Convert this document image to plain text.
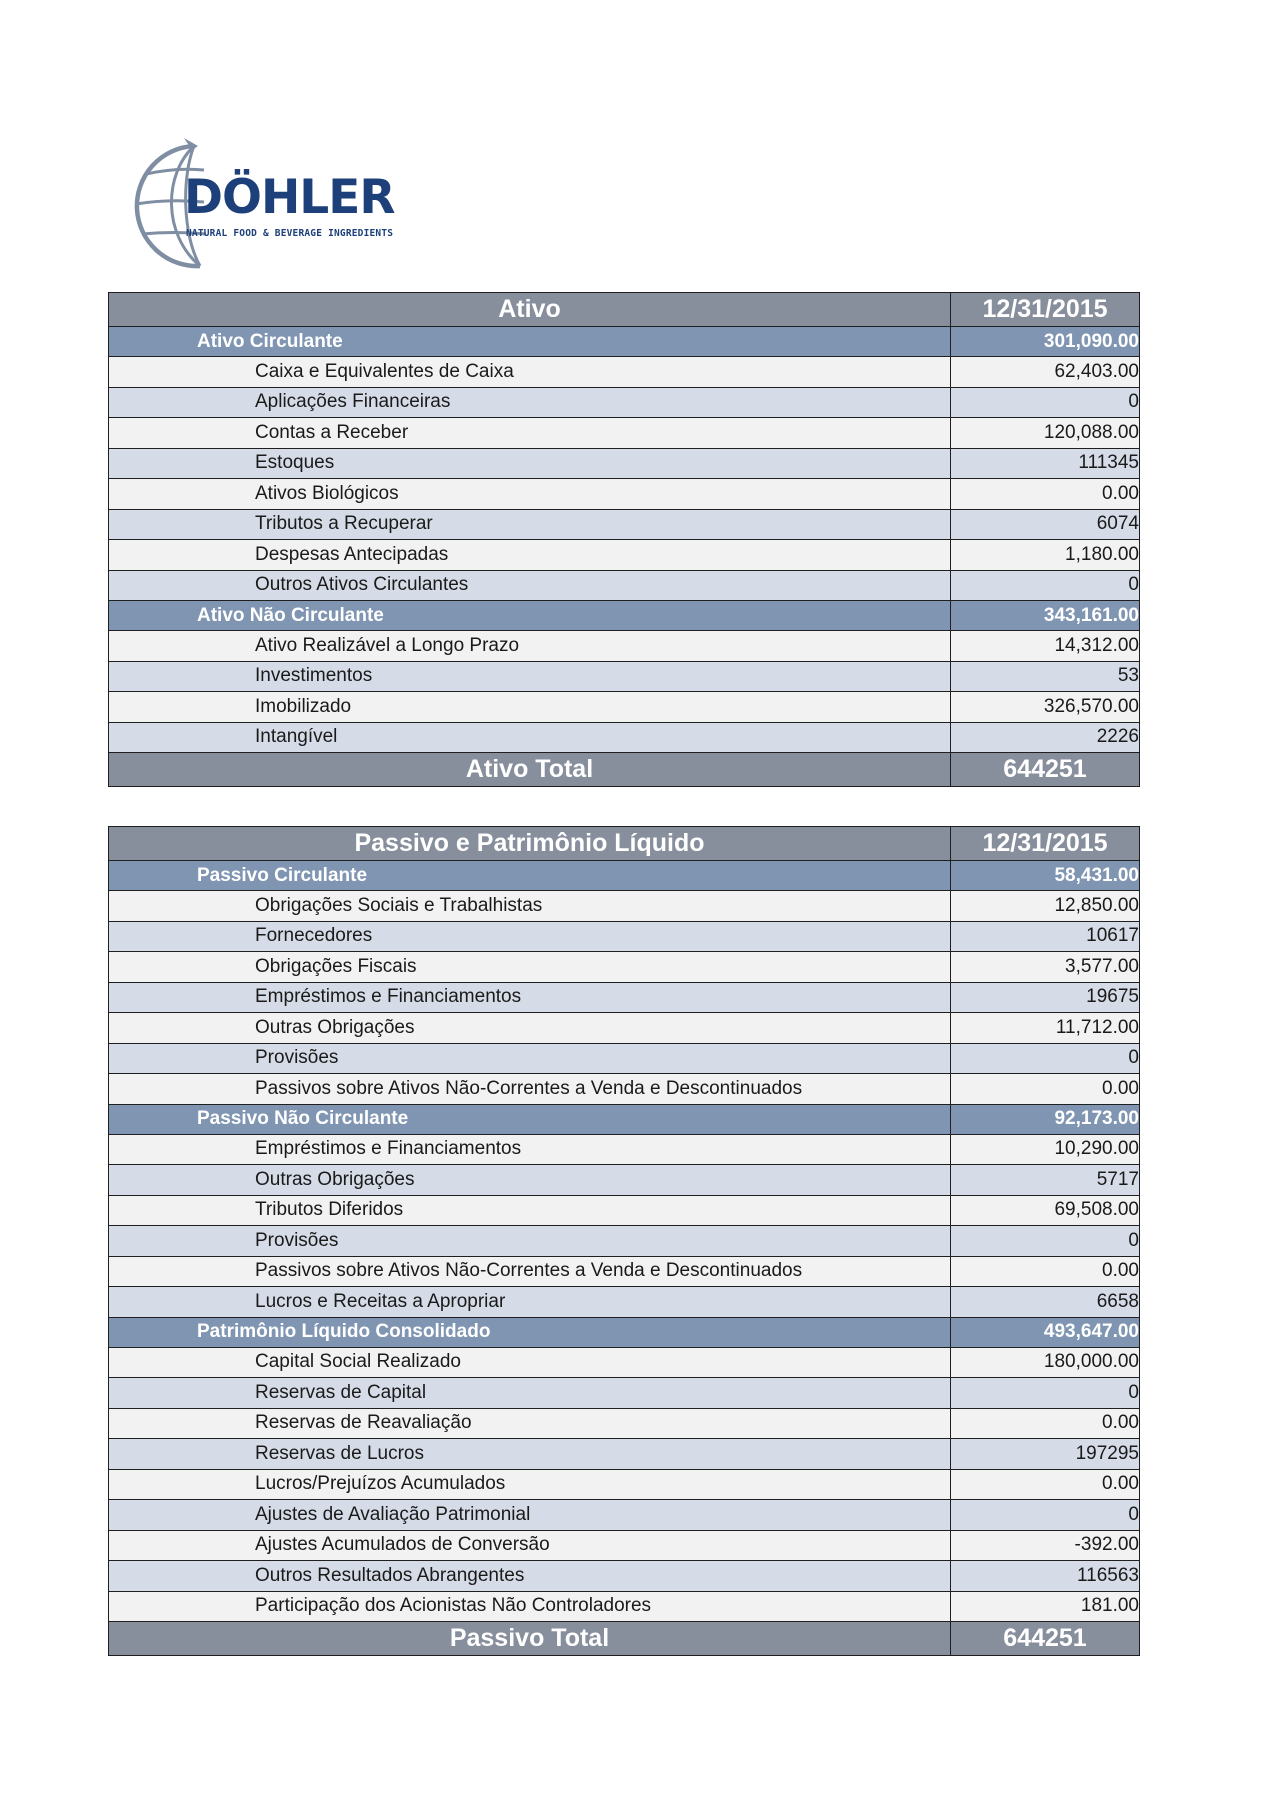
DÖHLER
NATURAL FOOD & BEVERAGE INGREDIENTS
Ativo	12/31/2015
Ativo Circulante	301,090.00
Caixa e Equivalentes de Caixa	62,403.00
Aplicações Financeiras	0
Contas a Receber	120,088.00
Estoques	111345
Ativos Biológicos	0.00
Tributos a Recuperar	6074
Despesas Antecipadas	1,180.00
Outros Ativos Circulantes	0
Ativo Não Circulante	343,161.00
Ativo Realizável a Longo Prazo	14,312.00
Investimentos	53
Imobilizado	326,570.00
Intangível	2226
Ativo Total	644251
Passivo e Patrimônio Líquido	12/31/2015
Passivo Circulante	58,431.00
Obrigações Sociais e Trabalhistas	12,850.00
Fornecedores	10617
Obrigações Fiscais	3,577.00
Empréstimos e Financiamentos	19675
Outras Obrigações	11,712.00
Provisões	0
Passivos sobre Ativos Não-Correntes a Venda e Descontinuados	0.00
Passivo Não Circulante	92,173.00
Empréstimos e Financiamentos	10,290.00
Outras Obrigações	5717
Tributos Diferidos	69,508.00
Provisões	0
Passivos sobre Ativos Não-Correntes a Venda e Descontinuados	0.00
Lucros e Receitas a Apropriar	6658
Patrimônio Líquido Consolidado	493,647.00
Capital Social Realizado	180,000.00
Reservas de Capital	0
Reservas de Reavaliação	0.00
Reservas de Lucros	197295
Lucros/Prejuízos Acumulados	0.00
Ajustes de Avaliação Patrimonial	0
Ajustes Acumulados de Conversão	-392.00
Outros Resultados Abrangentes	116563
Participação dos Acionistas Não Controladores	181.00
Passivo Total	644251
